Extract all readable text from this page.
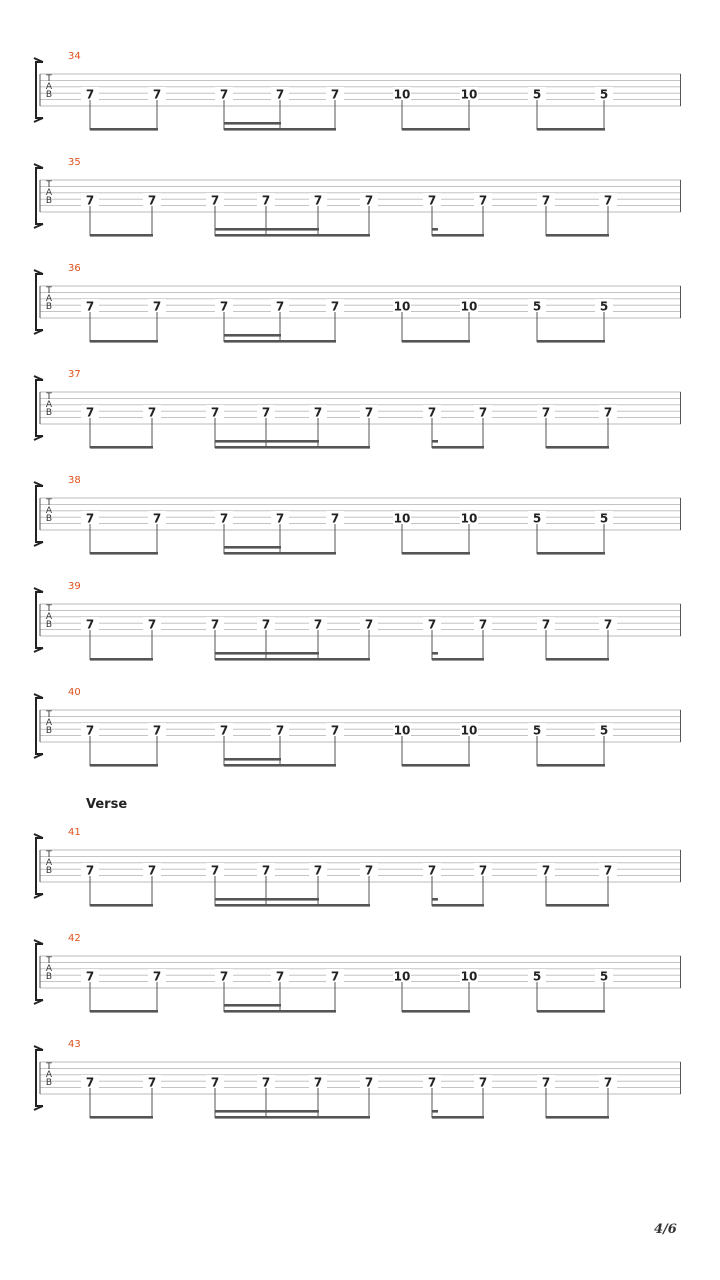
34
T
A
B	7	7	7	7	7	10	10	5	5
35
T
A
B	7	7	7	7	7	7	7	7	7	7
36
T
A
B	7	7	7	7	7	10	10	5	5
37
T
A
B	7	7	7	7	7	7	7	7	7	7
38
T
A
B	7	7	7	7	7	10	10	5	5
39
T
A
B	7	7	7	7	7	7	7	7	7	7
40
T
A
B	7	7	7	7	7	10	10	5	5
41
T
A
B	7	7	7	7	7	7	7	7	7	7
42
T
A
B	7	7	7	7	7	10	10	5	5
43
T
A
B	7	7	7	7	7	7	7	7	7	7
Verse
4/6
